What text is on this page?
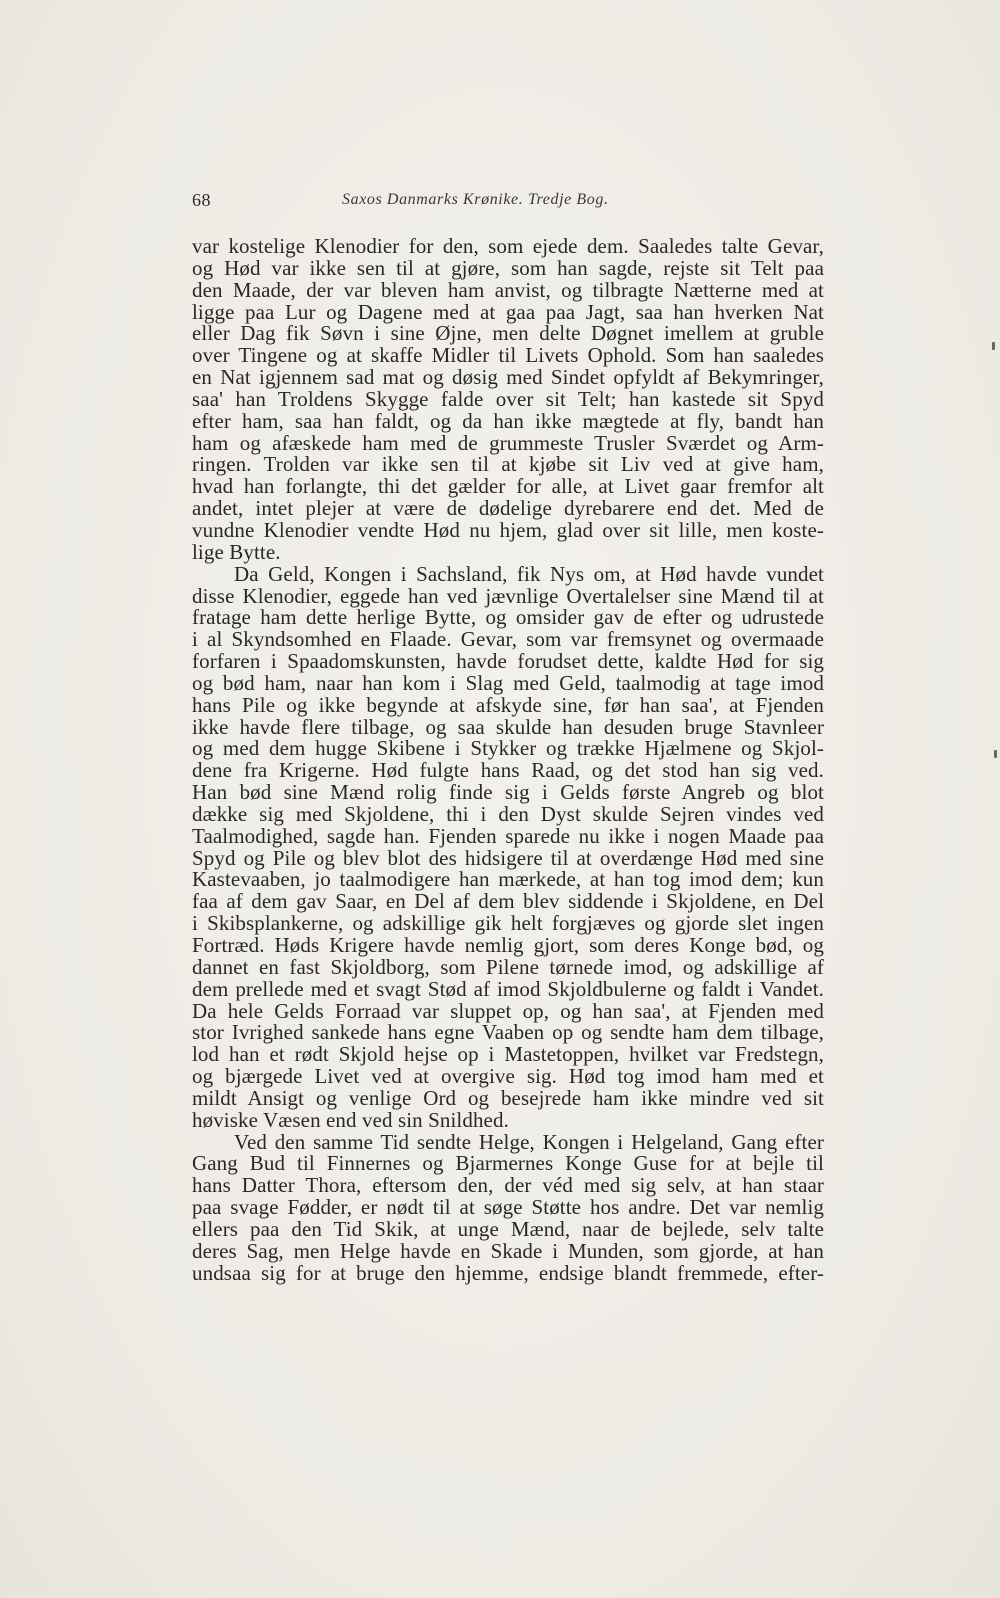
68	Saxos Danmarks Krønike. Tredje Bog.
var kostelige Klenodier for den, som ejede dem. Saaledes talte Gevar,
og Hød var ikke sen til at gjøre, som han sagde, rejste sit Telt paa
den Maade, der var bleven ham anvist, og tilbragte Nætterne med at
ligge paa Lur og Dagene med at gaa paa Jagt, saa han hverken Nat
eller Dag fik Søvn i sine Øjne, men delte Døgnet imellem at gruble
over Tingene og at skaffe Midler til Livets Ophold. Som han saaledes
en Nat igjennem sad mat og døsig med Sindet opfyldt af Bekymringer,
saa' han Troldens Skygge falde over sit Telt; han kastede sit Spyd
efter ham, saa han faldt, og da han ikke mægtede at fly, bandt han
ham og afæskede ham med de grummeste Trusler Sværdet og Arm-
ringen. Trolden var ikke sen til at kjøbe sit Liv ved at give ham,
hvad han forlangte, thi det gælder for alle, at Livet gaar fremfor alt
andet, intet plejer at være de dødelige dyrebarere end det. Med de
vundne Klenodier vendte Hød nu hjem, glad over sit lille, men koste-
lige Bytte.
Da Geld, Kongen i Sachsland, fik Nys om, at Hød havde vundet
disse Klenodier, eggede han ved jævnlige Overtalelser sine Mænd til at
fratage ham dette herlige Bytte, og omsider gav de efter og udrustede
i al Skyndsomhed en Flaade. Gevar, som var fremsynet og overmaade
forfaren i Spaadomskunsten, havde forudset dette, kaldte Hød for sig
og bød ham, naar han kom i Slag med Geld, taalmodig at tage imod
hans Pile og ikke begynde at afskyde sine, før han saa', at Fjenden
ikke havde flere tilbage, og saa skulde han desuden bruge Stavnleer
og med dem hugge Skibene i Stykker og trække Hjælmene og Skjol-
dene fra Krigerne. Hød fulgte hans Raad, og det stod han sig ved.
Han bød sine Mænd rolig finde sig i Gelds første Angreb og blot
dække sig med Skjoldene, thi i den Dyst skulde Sejren vindes ved
Taalmodighed, sagde han. Fjenden sparede nu ikke i nogen Maade paa
Spyd og Pile og blev blot des hidsigere til at overdænge Hød med sine
Kastevaaben, jo taalmodigere han mærkede, at han tog imod dem; kun
faa af dem gav Saar, en Del af dem blev siddende i Skjoldene, en Del
i Skibsplankerne, og adskillige gik helt forgjæves og gjorde slet ingen
Fortræd. Høds Krigere havde nemlig gjort, som deres Konge bød, og
dannet en fast Skjoldborg, som Pilene tørnede imod, og adskillige af
dem prellede med et svagt Stød af imod Skjoldbulerne og faldt i Vandet.
Da hele Gelds Forraad var sluppet op, og han saa', at Fjenden med
stor Ivrighed sankede hans egne Vaaben op og sendte ham dem tilbage,
lod han et rødt Skjold hejse op i Mastetoppen, hvilket var Fredstegn,
og bjærgede Livet ved at overgive sig. Hød tog imod ham med et
mildt Ansigt og venlige Ord og besejrede ham ikke mindre ved sit
høviske Væsen end ved sin Snildhed.
Ved den samme Tid sendte Helge, Kongen i Helgeland, Gang efter
Gang Bud til Finnernes og Bjarmernes Konge Guse for at bejle til
hans Datter Thora, eftersom den, der véd med sig selv, at han staar
paa svage Fødder, er nødt til at søge Støtte hos andre. Det var nemlig
ellers paa den Tid Skik, at unge Mænd, naar de bejlede, selv talte
deres Sag, men Helge havde en Skade i Munden, som gjorde, at han
undsaa sig for at bruge den hjemme, endsige blandt fremmede, efter-
